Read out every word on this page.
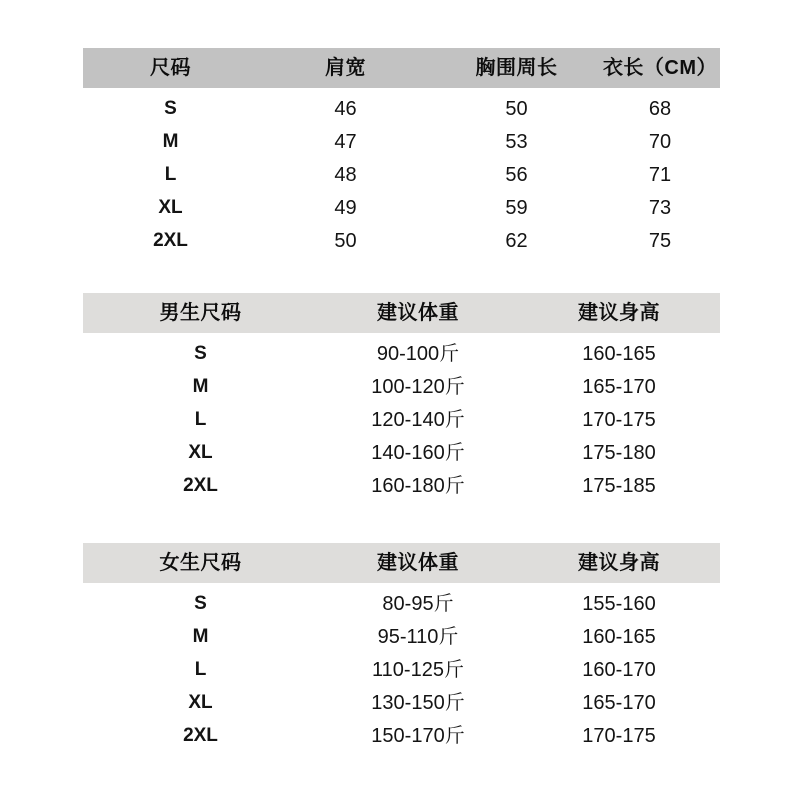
尺码	肩宽	胸围周长	衣长（CM）
S	46	50	68
M	47	53	70
L	48	56	71
XL	49	59	73
2XL	50	62	75
男生尺码	建议体重	建议身高
S	90-100斤	160-165
M	100-120斤	165-170
L	120-140斤	170-175
XL	140-160斤	175-180
2XL	160-180斤	175-185
女生尺码	建议体重	建议身高
S	80-95斤	155-160
M	95-110斤	160-165
L	110-125斤	160-170
XL	130-150斤	165-170
2XL	150-170斤	170-175
